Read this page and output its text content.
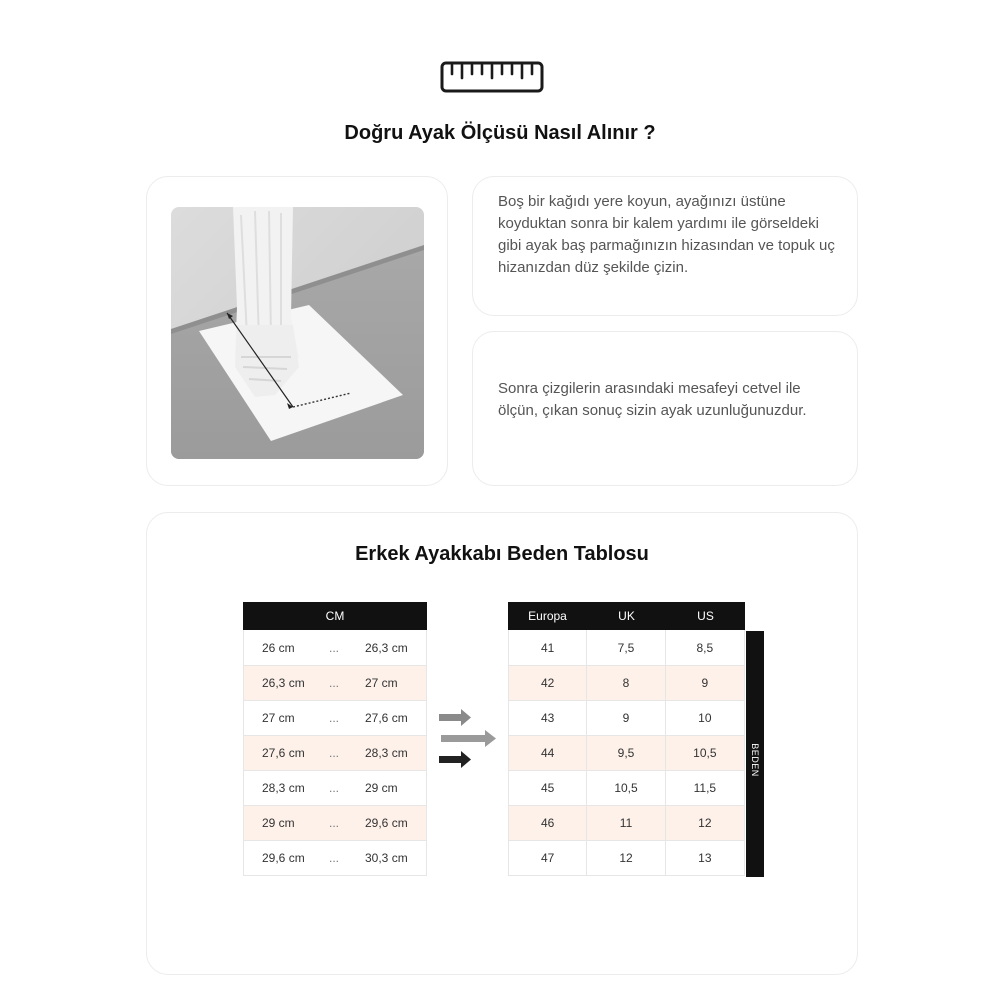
Doğru Ayak Ölçüsü Nasıl Alınır ?

Boş bir kağıdı yere koyun, ayağınızı üstüne koyduktan sonra bir kalem yardımı ile görseldeki gibi ayak baş parmağınızın hizasından ve topuk uç hizanızdan düz şekilde çizin.

Sonra çizgilerin arasındaki mesafeyi cetvel ile ölçün, çıkan sonuç sizin ayak uzunluğunuzdur.

Erkek Ayakkabı Beden Tablosu
CM
26 cm	...	26,3 cm
26,3 cm	...	27 cm
27 cm	...	27,6 cm
27,6 cm	...	28,3 cm
28,3 cm	...	29 cm
29 cm	...	29,6 cm
29,6 cm	...	30,3 cm
Europa	UK	US
41	7,5	8,5
42	8	9
43	9	10
44	9,5	10,5
45	10,5	11,5
46	11	12
47	12	13
BEDEN
